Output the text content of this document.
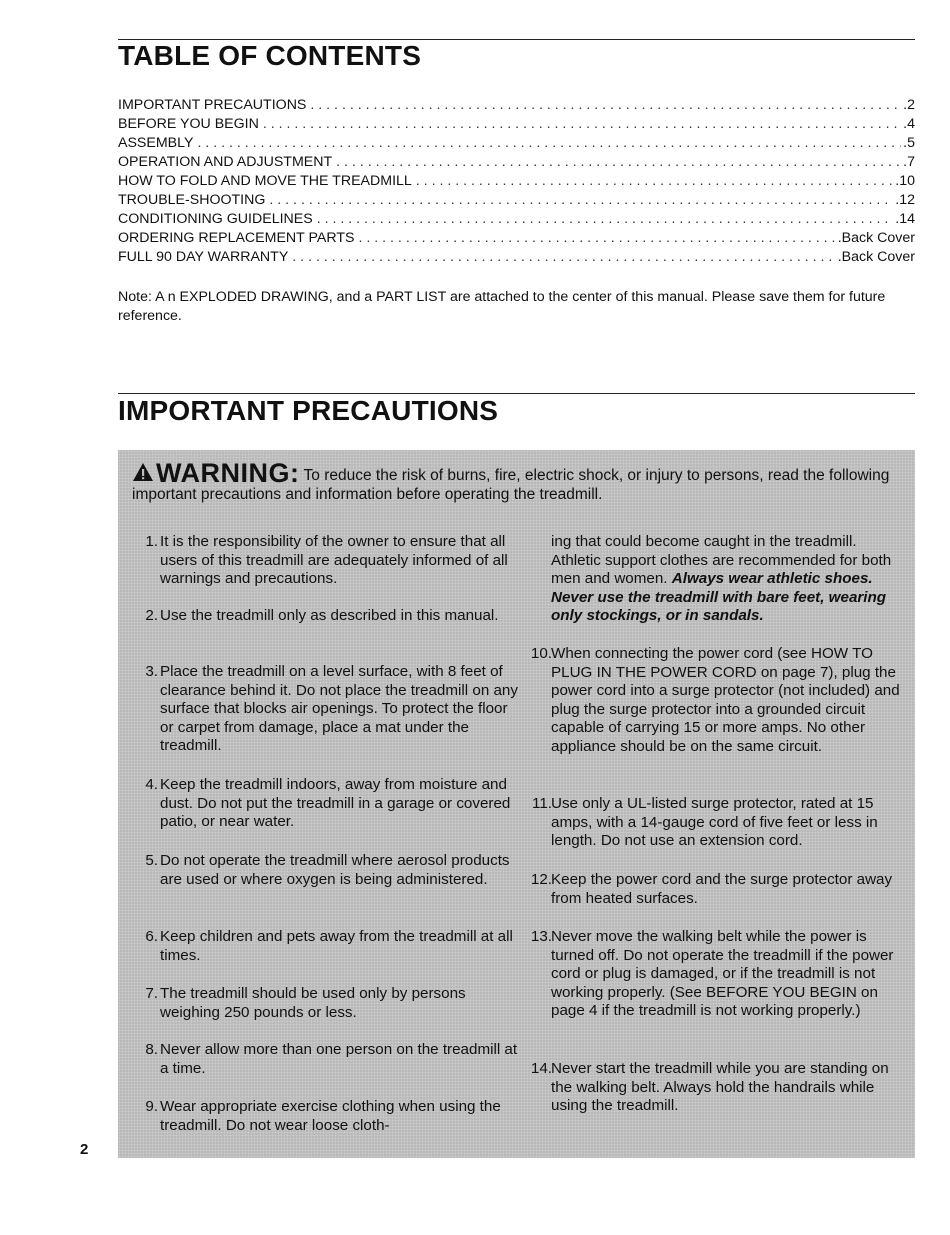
TABLE OF CONTENTS
IMPORTANT PRECAUTIONS . . .	.2
BEFORE YOU BEGIN . . .	.4
ASSEMBLY . . .	.5
OPERATION AND ADJUSTMENT . . .	.7
HOW TO FOLD AND MOVE THE TREADMILL . . .	.10
TROUBLE-SHOOTING . . .	.12
CONDITIONING GUIDELINES . . .	.14
ORDERING REPLACEMENT PARTS . . .	.Back Cover
FULL 90 DAY WARRANTY . . .	.Back Cover

Note: A n EXPLODED DRAWING, and a PART LIST are attached to the center of this manual. Please save them for future reference.

IMPORTANT PRECAUTIONS

WARNING: To reduce the risk of burns, fire, electric shock, or injury to persons, read the following important precautions and information before operating the treadmill.

1. It is the responsibility of the owner to ensure that all users of this treadmill are adequately informed of all warnings and precautions.
2. Use the treadmill only as described in this manual.
3. Place the treadmill on a level surface, with 8 feet of clearance behind it. Do not place the treadmill on any surface that blocks air openings. To protect the floor or carpet from damage, place a mat under the treadmill.
4. Keep the treadmill indoors, away from moisture and dust. Do not put the treadmill in a garage or covered patio, or near water.
5. Do not operate the treadmill where aerosol products are used or where oxygen is being administered.
6. Keep children and pets away from the treadmill at all times.
7. The treadmill should be used only by persons weighing 250 pounds or less.
8. Never allow more than one person on the treadmill at a time.
9. Wear appropriate exercise clothing when using the treadmill. Do not wear loose cloth-
ing that could become caught in the treadmill. Athletic support clothes are recommended for both men and women. Always wear athletic shoes. Never use the treadmill with bare feet, wearing only stockings, or in sandals.
10. When connecting the power cord (see HOW TO PLUG IN THE POWER CORD on page 7), plug the power cord into a surge protector (not included) and plug the surge protector into a grounded circuit capable of carrying 15 or more amps. No other appliance should be on the same circuit.
11. Use only a UL-listed surge protector, rated at 15 amps, with a 14-gauge cord of five feet or less in length. Do not use an extension cord.
12. Keep the power cord and the surge protector away from heated surfaces.
13. Never move the walking belt while the power is turned off. Do not operate the treadmill if the power cord or plug is damaged, or if the treadmill is not working properly. (See BEFORE YOU BEGIN on page 4 if the treadmill is not working properly.)
14. Never start the treadmill while you are standing on the walking belt. Always hold the handrails while using the treadmill.

2
